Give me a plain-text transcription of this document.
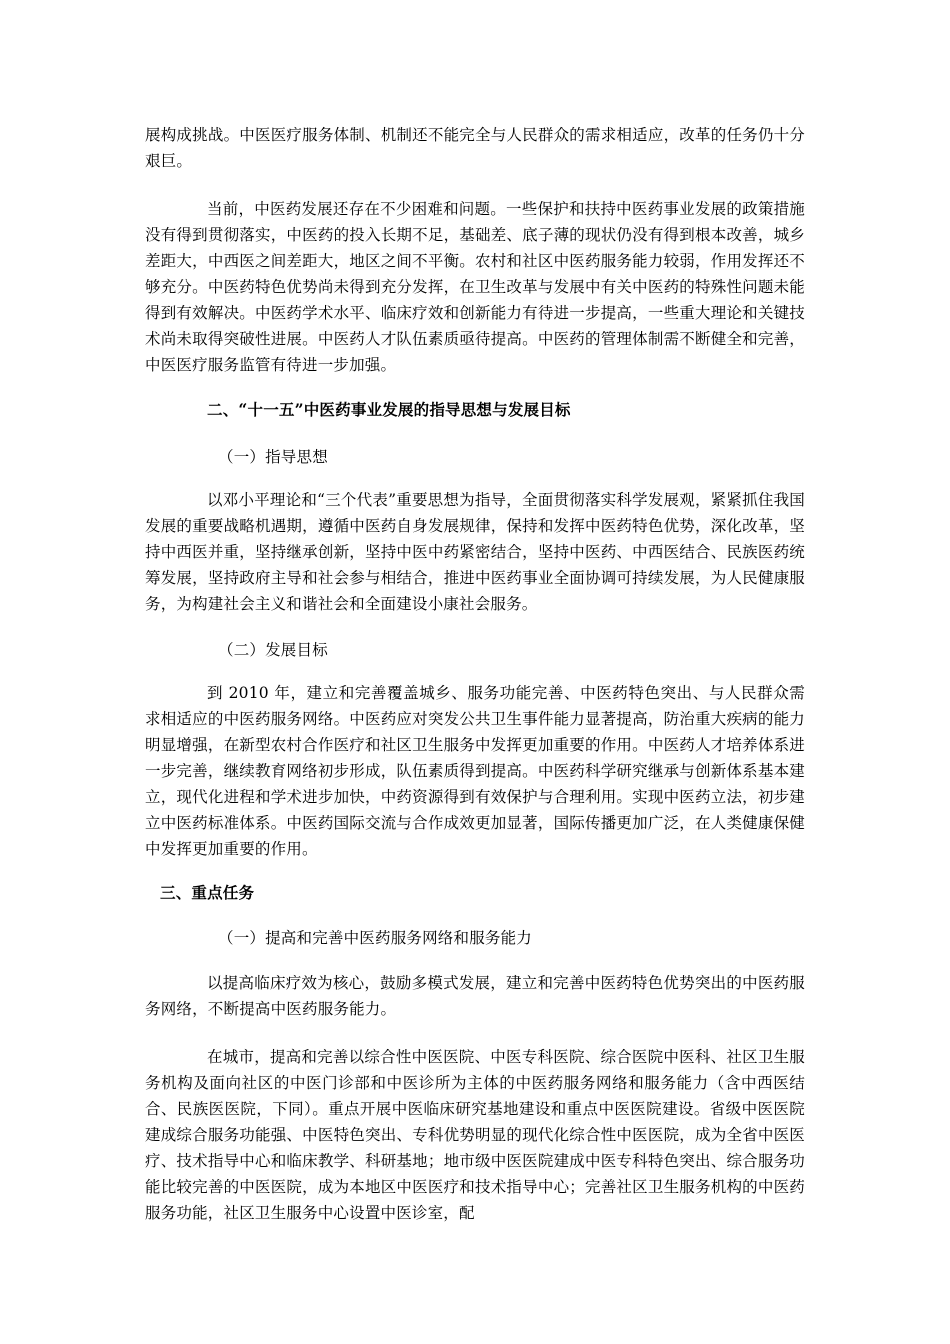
展构成挑战。中医医疗服务体制、机制还不能完全与人民群众的需求相适应，改革的任务仍十分艰巨。

当前，中医药发展还存在不少困难和问题。一些保护和扶持中医药事业发展的政策措施没有得到贯彻落实，中医药的投入长期不足，基础差、底子薄的现状仍没有得到根本改善，城乡差距大，中西医之间差距大，地区之间不平衡。农村和社区中医药服务能力较弱，作用发挥还不够充分。中医药特色优势尚未得到充分发挥，在卫生改革与发展中有关中医药的特殊性问题未能得到有效解决。中医药学术水平、临床疗效和创新能力有待进一步提高，一些重大理论和关键技术尚未取得突破性进展。中医药人才队伍素质亟待提高。中医药的管理体制需不断健全和完善，中医医疗服务监管有待进一步加强。

二、“十一五”中医药事业发展的指导思想与发展目标

（一）指导思想

以邓小平理论和“三个代表”重要思想为指导，全面贯彻落实科学发展观，紧紧抓住我国发展的重要战略机遇期，遵循中医药自身发展规律，保持和发挥中医药特色优势，深化改革，坚持中西医并重，坚持继承创新，坚持中医中药紧密结合，坚持中医药、中西医结合、民族医药统筹发展，坚持政府主导和社会参与相结合，推进中医药事业全面协调可持续发展，为人民健康服务，为构建社会主义和谐社会和全面建设小康社会服务。

（二）发展目标

到 2010 年，建立和完善覆盖城乡、服务功能完善、中医药特色突出、与人民群众需求相适应的中医药服务网络。中医药应对突发公共卫生事件能力显著提高，防治重大疾病的能力明显增强，在新型农村合作医疗和社区卫生服务中发挥更加重要的作用。中医药人才培养体系进一步完善，继续教育网络初步形成，队伍素质得到提高。中医药科学研究继承与创新体系基本建立，现代化进程和学术进步加快，中药资源得到有效保护与合理利用。实现中医药立法，初步建立中医药标准体系。中医药国际交流与合作成效更加显著，国际传播更加广泛，在人类健康保健中发挥更加重要的作用。

三、重点任务

（一）提高和完善中医药服务网络和服务能力

以提高临床疗效为核心，鼓励多模式发展，建立和完善中医药特色优势突出的中医药服务网络，不断提高中医药服务能力。

在城市，提高和完善以综合性中医医院、中医专科医院、综合医院中医科、社区卫生服务机构及面向社区的中医门诊部和中医诊所为主体的中医药服务网络和服务能力（含中西医结合、民族医医院，下同）。重点开展中医临床研究基地建设和重点中医医院建设。省级中医医院建成综合服务功能强、中医特色突出、专科优势明显的现代化综合性中医医院，成为全省中医医疗、技术指导中心和临床教学、科研基地；地市级中医医院建成中医专科特色突出、综合服务功能比较完善的中医医院，成为本地区中医医疗和技术指导中心；完善社区卫生服务机构的中医药服务功能，社区卫生服务中心设置中医诊室，配
